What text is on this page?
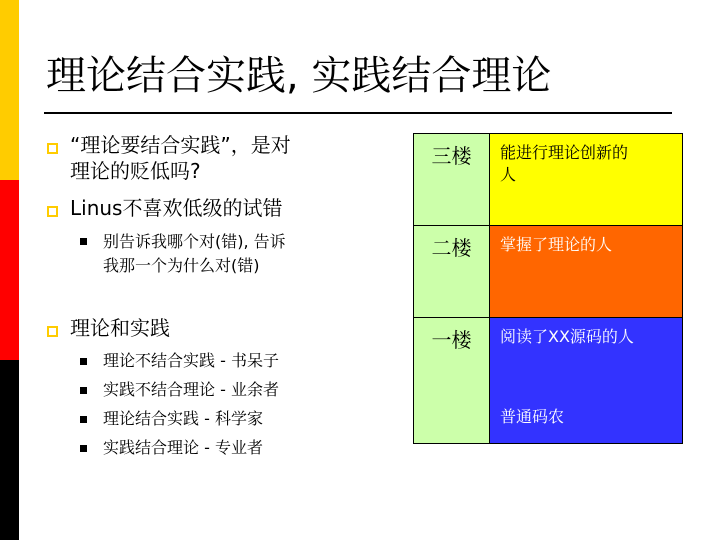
理论结合实践, 实践结合理论
“理论要结合实践”，是对
理论的贬低吗?
Linus不喜欢低级的试错
别告诉我哪个对(错), 告诉
我那一个为什么对(错)
理论和实践
理论不结合实践 - 书呆子
实践不结合理论 - 业余者
理论结合实践 - 科学家
实践结合理论 - 专业者
三楼	能进行理论创新的
人
二楼	掌握了理论的人
一楼	阅读了XX源码的人
普通码农
